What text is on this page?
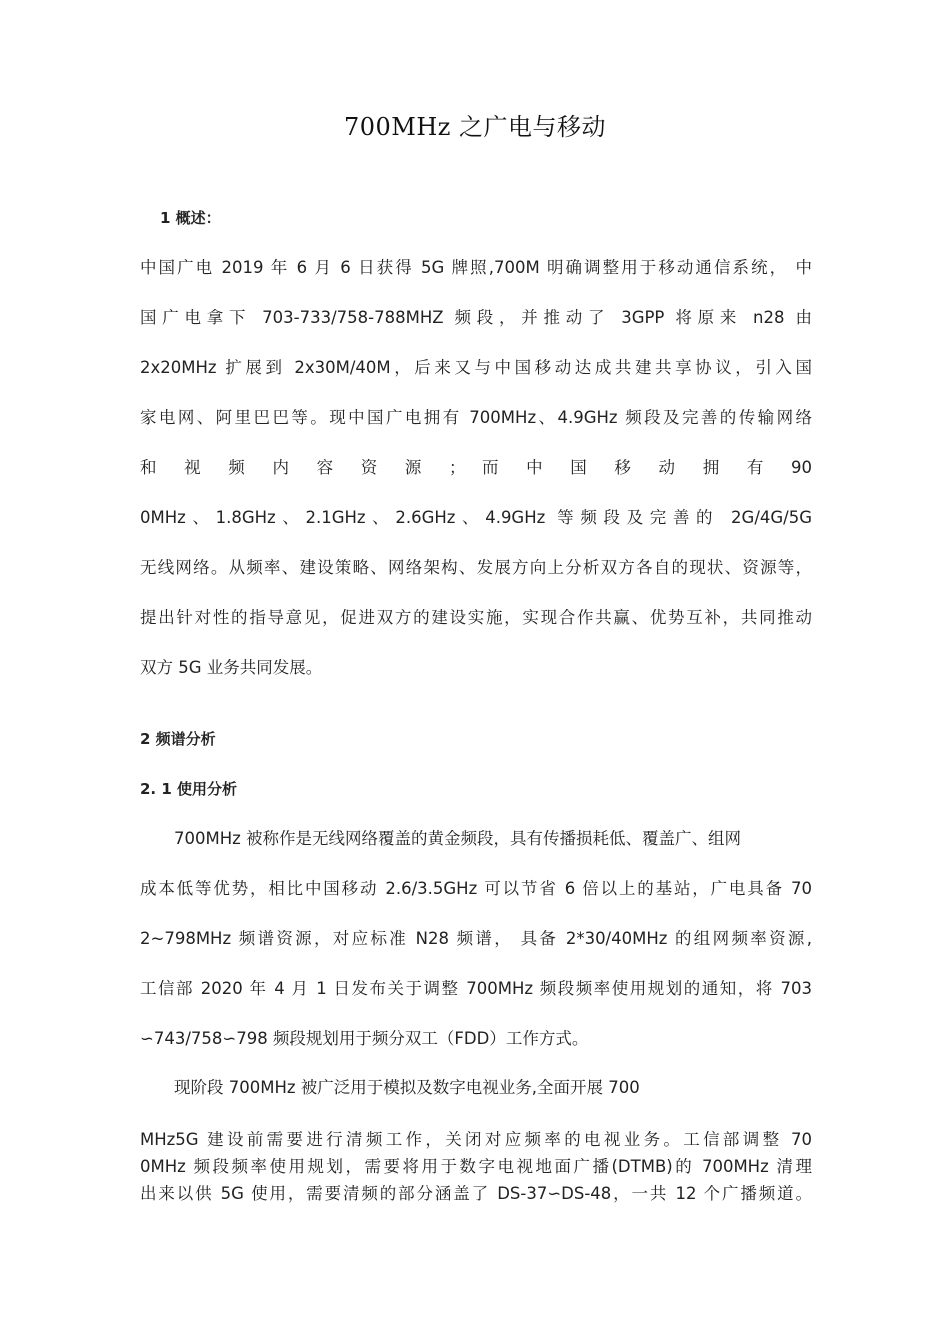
700MHz 之广电与移动
1 概述：
中国广电 2019 年 6 月 6 日获得 5G 牌照,700M 明确调整用于移动通信系统， 中
国广电拿下 703-733/758-788MHZ 频段，并推动了 3GPP 将原来 n28 由
2x20MHz 扩展到 2x30M/40M，后来又与中国移动达成共建共享协议，引入国
家电网、阿里巴巴等。现中国广电拥有 700MHz、4.9GHz 频段及完善的传输网络
和 视 频 内 容 资 源 ； 而 中 国 移 动 拥 有 90
0MHz、1.8GHz、2.1GHz、2.6GHz、4.9GHz 等频段及完善的 2G/4G/5G
无线网络。从频率、建设策略、网络架构、发展方向上分析双方各自的现状、资源等，
提出针对性的指导意见，促进双方的建设实施，实现合作共赢、优势互补，共同推动
双方 5G 业务共同发展。
2 频谱分析
2. 1 使用分析
700MHz 被称作是无线网络覆盖的黄金频段，具有传播损耗低、覆盖广、组网
成本低等优势，相比中国移动 2.6/3.5GHz 可以节省 6 倍以上的基站，广电具备 70
2~798MHz 频谱资源，对应标准 N28 频谱， 具备 2*30/40MHz 的组网频率资源,
工信部 2020 年 4 月 1 日发布关于调整 700MHz 频段频率使用规划的通知，将 703
∽743/758∽798 频段规划用于频分双工（FDD）工作方式。
现阶段 700MHz 被广泛用于模拟及数字电视业务,全面开展 700
MHz5G 建设前需要进行清频工作，关闭对应频率的电视业务。工信部调整 70
0MHz 频段频率使用规划，需要将用于数字电视地面广播(DTMB)的 700MHz 清理
出来以供 5G 使用，需要清频的部分涵盖了 DS-37∽DS-48，一共 12 个广播频道。
